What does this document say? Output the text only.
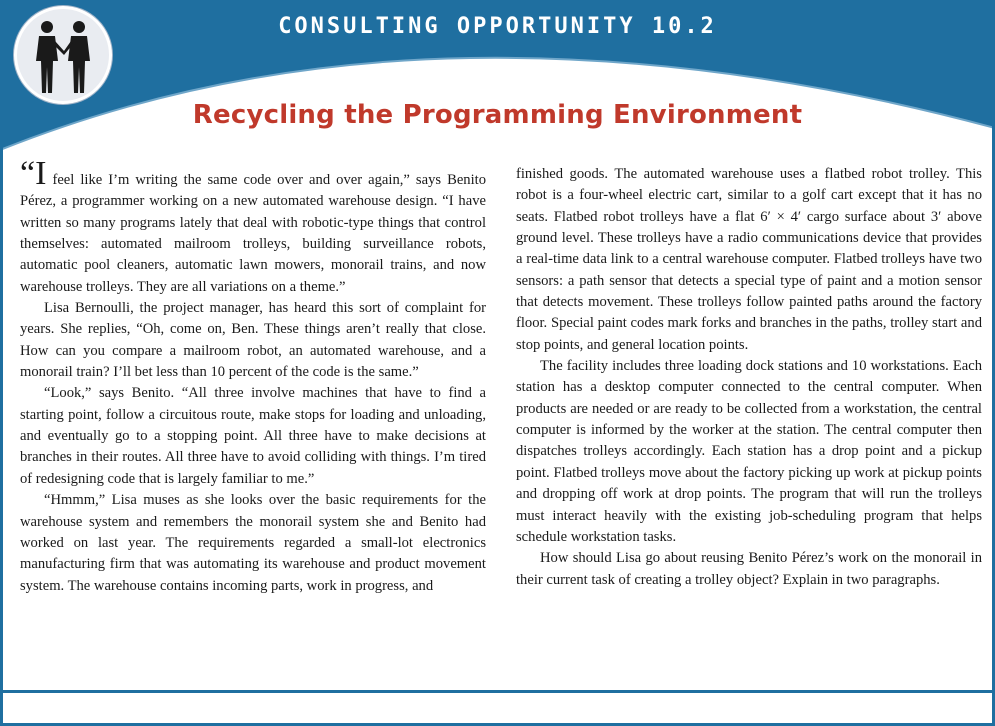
CONSULTING OPPORTUNITY 10.2
Recycling the Programming Environment

“I feel like I’m writing the same code over and over again,” says Benito Pérez, a programmer working on a new automated warehouse design. “I have written so many programs lately that deal with robotic-type things that control themselves: automated mailroom trolleys, building surveillance robots, automatic pool cleaners, automatic lawn mowers, monorail trains, and now warehouse trolleys. They are all variations on a theme.”

Lisa Bernoulli, the project manager, has heard this sort of complaint for years. She replies, “Oh, come on, Ben. These things aren’t really that close. How can you compare a mailroom robot, an automated warehouse, and a monorail train? I’ll bet less than 10 percent of the code is the same.”

“Look,” says Benito. “All three involve machines that have to find a starting point, follow a circuitous route, make stops for loading and unloading, and eventually go to a stopping point. All three have to make decisions at branches in their routes. All three have to avoid colliding with things. I’m tired of redesigning code that is largely familiar to me.”

“Hmmm,” Lisa muses as she looks over the basic requirements for the warehouse system and remembers the monorail system she and Benito had worked on last year. The requirements regarded a small-lot electronics manufacturing firm that was automating its warehouse and product movement system. The warehouse contains incoming parts, work in progress, and

finished goods. The automated warehouse uses a flatbed robot trolley. This robot is a four-wheel electric cart, similar to a golf cart except that it has no seats. Flatbed robot trolleys have a flat 6′ × 4′ cargo surface about 3′ above ground level. These trolleys have a radio communications device that provides a real-time data link to a central warehouse computer. Flatbed trolleys have two sensors: a path sensor that detects a special type of paint and a motion sensor that detects movement. These trolleys follow painted paths around the factory floor. Special paint codes mark forks and branches in the paths, trolley start and stop points, and general location points.

The facility includes three loading dock stations and 10 workstations. Each station has a desktop computer connected to the central computer. When products are needed or are ready to be collected from a workstation, the central computer is informed by the worker at the station. The central computer then dispatches trolleys accordingly. Each station has a drop point and a pickup point. Flatbed trolleys move about the factory picking up work at pickup points and dropping off work at drop points. The program that will run the trolleys must interact heavily with the existing job-scheduling program that helps schedule workstation tasks.

How should Lisa go about reusing Benito Pérez’s work on the monorail in their current task of creating a trolley object? Explain in two paragraphs.
